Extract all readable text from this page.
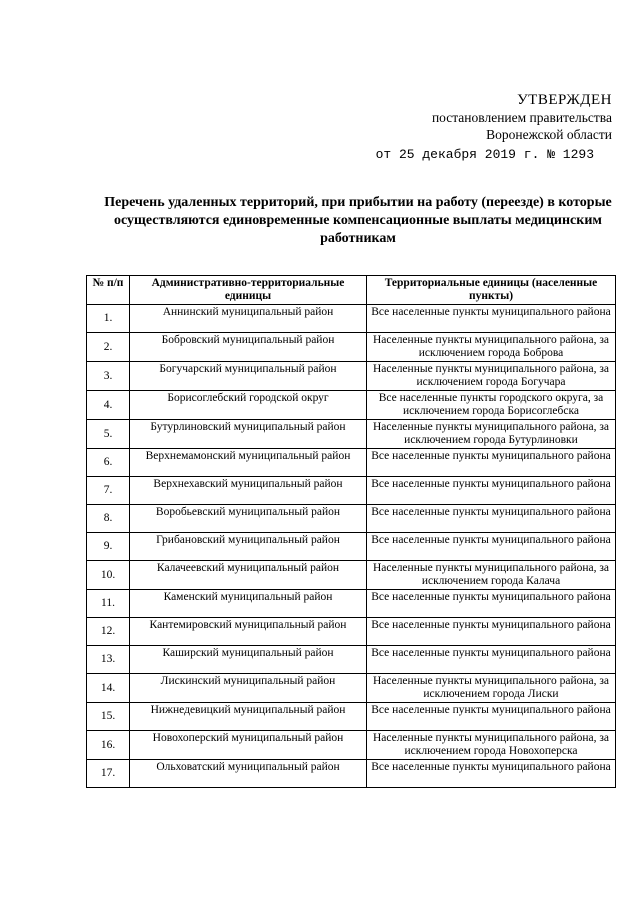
УТВЕРЖДЕН
постановлением правительства
Воронежской области
от 25 декабря 2019 г. № 1293
Перечень удаленных территорий, при прибытии на работу (переезде) в которые осуществляются единовременные компенсационные выплаты медицинским работникам
№ п/п	Административно-территориальные единицы	Территориальные единицы (населенные пункты)
1.	Аннинский муниципальный район	Все населенные пункты муниципального района
2.	Бобровский муниципальный район	Населенные пункты муниципального района, за исключением города Боброва
3.	Богучарский муниципальный район	Населенные пункты муниципального района, за исключением города Богучара
4.	Борисоглебский городской округ	Все населенные пункты городского округа, за исключением города Борисоглебска
5.	Бутурлиновский муниципальный район	Населенные пункты муниципального района, за исключением города Бутурлиновки
6.	Верхнемамонский муниципальный район	Все населенные пункты муниципального района
7.	Верхнехавский муниципальный район	Все населенные пункты муниципального района
8.	Воробьевский муниципальный район	Все населенные пункты муниципального района
9.	Грибановский муниципальный район	Все населенные пункты муниципального района
10.	Калачеевский муниципальный район	Населенные пункты муниципального района, за исключением города Калача
11.	Каменский муниципальный район	Все населенные пункты муниципального района
12.	Кантемировский муниципальный район	Все населенные пункты муниципального района
13.	Каширский муниципальный район	Все населенные пункты муниципального района
14.	Лискинский муниципальный район	Населенные пункты муниципального района, за исключением города Лиски
15.	Нижнедевицкий муниципальный район	Все населенные пункты муниципального района
16.	Новохоперский муниципальный район	Населенные пункты муниципального района, за исключением города Новохоперска
17.	Ольховатский муниципальный район	Все населенные пункты муниципального района
